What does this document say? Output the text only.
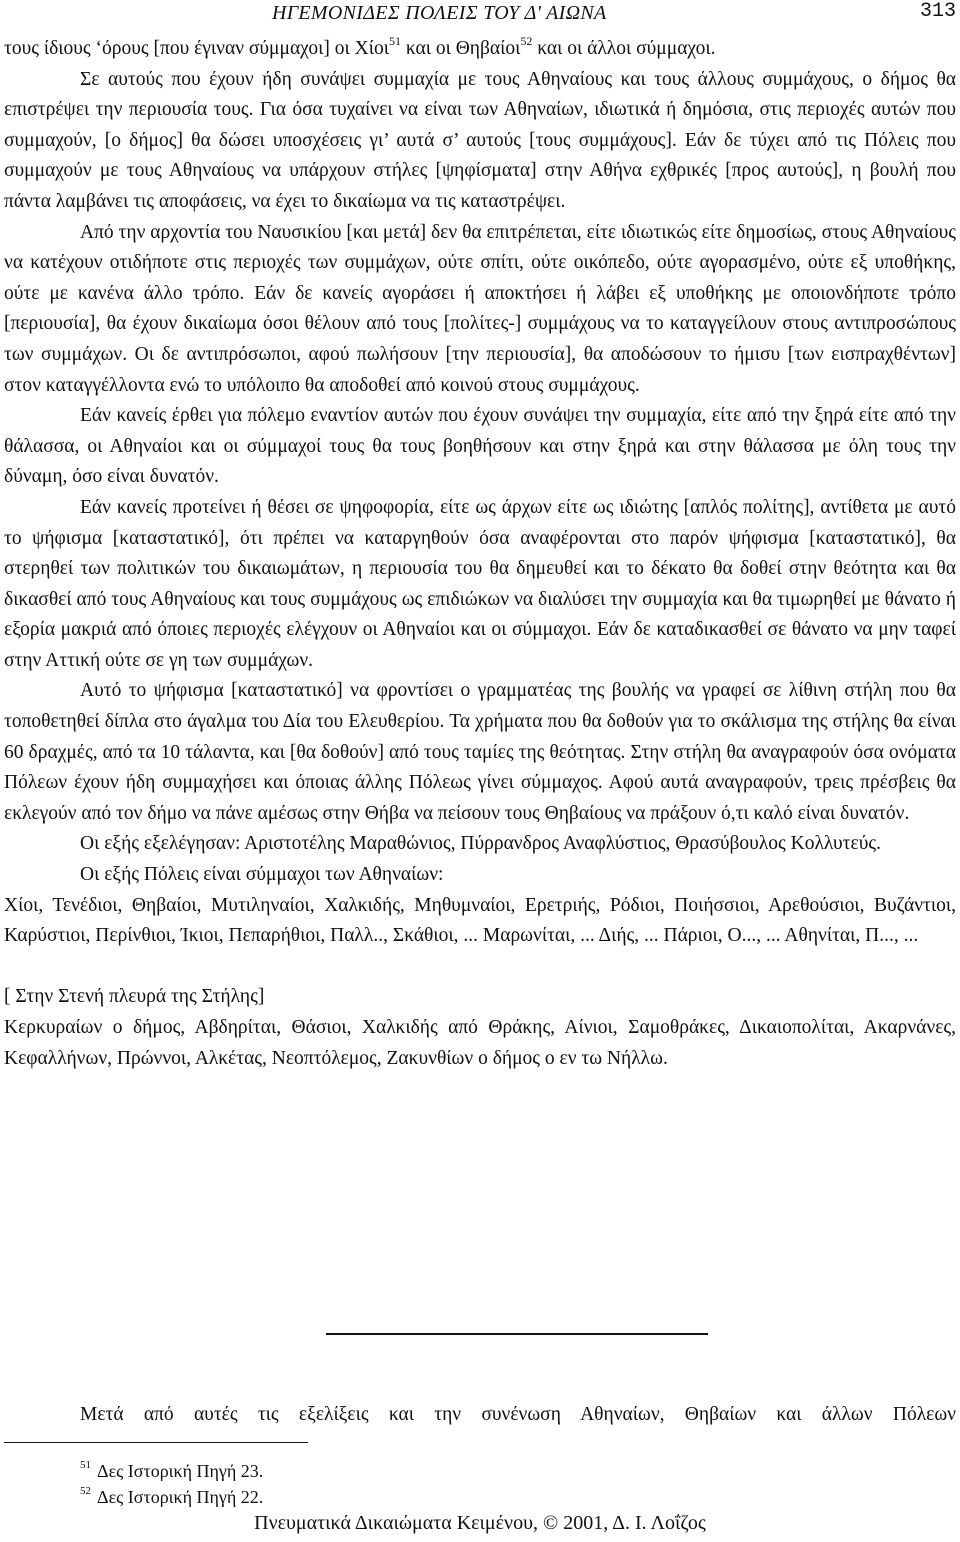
ΗΓΕΜΟΝΙΔΕΣ ΠΟΛΕΙΣ ΤΟΥ Δ' ΑΙΩΝΑ	313

τους ίδιους ‘όρους [που έγιναν σύμμαχοι] οι Χίοι$^{51}$ και οι Θηβαίοι$^{52}$ και οι άλλοι σύμμαχοι.

Σε αυτούς που έχουν ήδη συνάψει συμμαχία με τους Αθηναίους και τους άλλους συμμάχους, ο δήμος θα επιστρέψει την περιουσία τους. Για όσα τυχαίνει να είναι των Αθηναίων, ιδιωτικά ή δημόσια, στις περιοχές αυτών που συμμαχούν, [ο δήμος] θα δώσει υποσχέσεις γι’ αυτά σ’ αυτούς [τους συμμάχους]. Εάν δε τύχει από τις Πόλεις που συμμαχούν με τους Αθηναίους να υπάρχουν στήλες [ψηφίσματα] στην Αθήνα εχθρικές [προς αυτούς], η βουλή που πάντα λαμβάνει τις αποφάσεις, να έχει το δικαίωμα να τις καταστρέψει.

Από την αρχοντία του Ναυσικίου [και μετά] δεν θα επιτρέπεται, είτε ιδιωτικώς είτε δημοσίως, στους Αθηναίους να κατέχουν οτιδήποτε στις περιοχές των συμμάχων, ούτε σπίτι, ούτε οικόπεδο, ούτε αγορασμένο, ούτε εξ υποθήκης, ούτε με κανένα άλλο τρόπο. Εάν δε κανείς αγοράσει ή αποκτήσει ή λάβει εξ υποθήκης με οποιονδήποτε τρόπο [περιουσία], θα έχουν δικαίωμα όσοι θέλουν από τους [πολίτες-] συμμάχους να το καταγγείλουν στους αντιπροσώπους των συμμάχων. Οι δε αντιπρόσωποι, αφού πωλήσουν [την περιουσία], θα αποδώσουν το ήμισυ [των εισπραχθέντων] στον καταγγέλλοντα ενώ το υπόλοιπο θα αποδοθεί από κοινού στους συμμάχους.

Εάν κανείς έρθει για πόλεμο εναντίον αυτών που έχουν συνάψει την συμμαχία, είτε από την ξηρά είτε από την θάλασσα, οι Αθηναίοι και οι σύμμαχοί τους θα τους βοηθήσουν και στην ξηρά και στην θάλασσα με όλη τους την δύναμη, όσο είναι δυνατόν.

Εάν κανείς προτείνει ή θέσει σε ψηφοφορία, είτε ως άρχων είτε ως ιδιώτης [απλός πολίτης], αντίθετα με αυτό το ψήφισμα [καταστατικό], ότι πρέπει να καταργηθούν όσα αναφέρονται στο παρόν ψήφισμα [καταστατικό], θα στερηθεί των πολιτικών του δικαιωμάτων, η περιουσία του θα δημευθεί και το δέκατο θα δοθεί στην θεότητα και θα δικασθεί από τους Αθηναίους και τους συμμάχους ως επιδιώκων να διαλύσει την συμμαχία και θα τιμωρηθεί με θάνατο ή εξορία μακριά από όποιες περιοχές ελέγχουν οι Αθηναίοι και οι σύμμαχοι. Εάν δε καταδικασθεί σε θάνατο να μην ταφεί στην Αττική ούτε σε γη των συμμάχων.

Αυτό το ψήφισμα [καταστατικό] να φροντίσει ο γραμματέας της βουλής να γραφεί σε λίθινη στήλη που θα τοποθετηθεί δίπλα στο άγαλμα του Δία του Ελευθερίου. Τα χρήματα που θα δοθούν για το σκάλισμα της στήλης θα είναι 60 δραχμές, από τα 10 τάλαντα, και [θα δοθούν] από τους ταμίες της θεότητας. Στην στήλη θα αναγραφούν όσα ονόματα Πόλεων έχουν ήδη συμμαχήσει και όποιας άλλης Πόλεως γίνει σύμμαχος. Αφού αυτά αναγραφούν, τρεις πρέσβεις θα εκλεγούν από τον δήμο να πάνε αμέσως στην Θήβα να πείσουν τους Θηβαίους να πράξουν ό,τι καλό είναι δυνατόν.

Οι εξής εξελέγησαν: Αριστοτέλης Μαραθώνιος, Πύρρανδρος Αναφλύστιος, Θρασύβουλος Κολλυτεύς.

Οι εξής Πόλεις είναι σύμμαχοι των Αθηναίων:

Χίοι, Τενέδιοι, Θηβαίοι, Μυτιληναίοι, Χαλκιδής, Μηθυμναίοι, Ερετριής, Ρόδιοι, Ποιήσσιοι, Αρεθούσιοι, Βυζάντιοι, Καρύστιοι, Περίνθιοι, Ίκιοι, Πεπαρήθιοι, Παλλ.., Σκάθιοι, ... Μαρωνίται, ... Διής, ... Πάριοι, Ο..., ... Αθηνίται, Π..., ...

[ Στην Στενή πλευρά της Στήλης]

Κερκυραίων ο δήμος, Αβδηρίται, Θάσιοι, Χαλκιδής από Θράκης, Αίνιοι, Σαμοθράκες, Δικαιοπολίται, Ακαρνάνες, Κεφαλλήνων, Πρώννοι, Αλκέτας, Νεοπτόλεμος, Ζακυνθίων ο δήμος ο εν τω Νήλλω.

Μετά από αυτές τις εξελίξεις και την συνένωση Αθηναίων, Θηβαίων και άλλων Πόλεων
$^{51}$ Δες Ιστορική Πηγή 23.
$^{52}$ Δες Ιστορική Πηγή 22.
Πνευματικά Δικαιώματα Κειμένου, © 2001, Δ. Ι. Λοΐζος
